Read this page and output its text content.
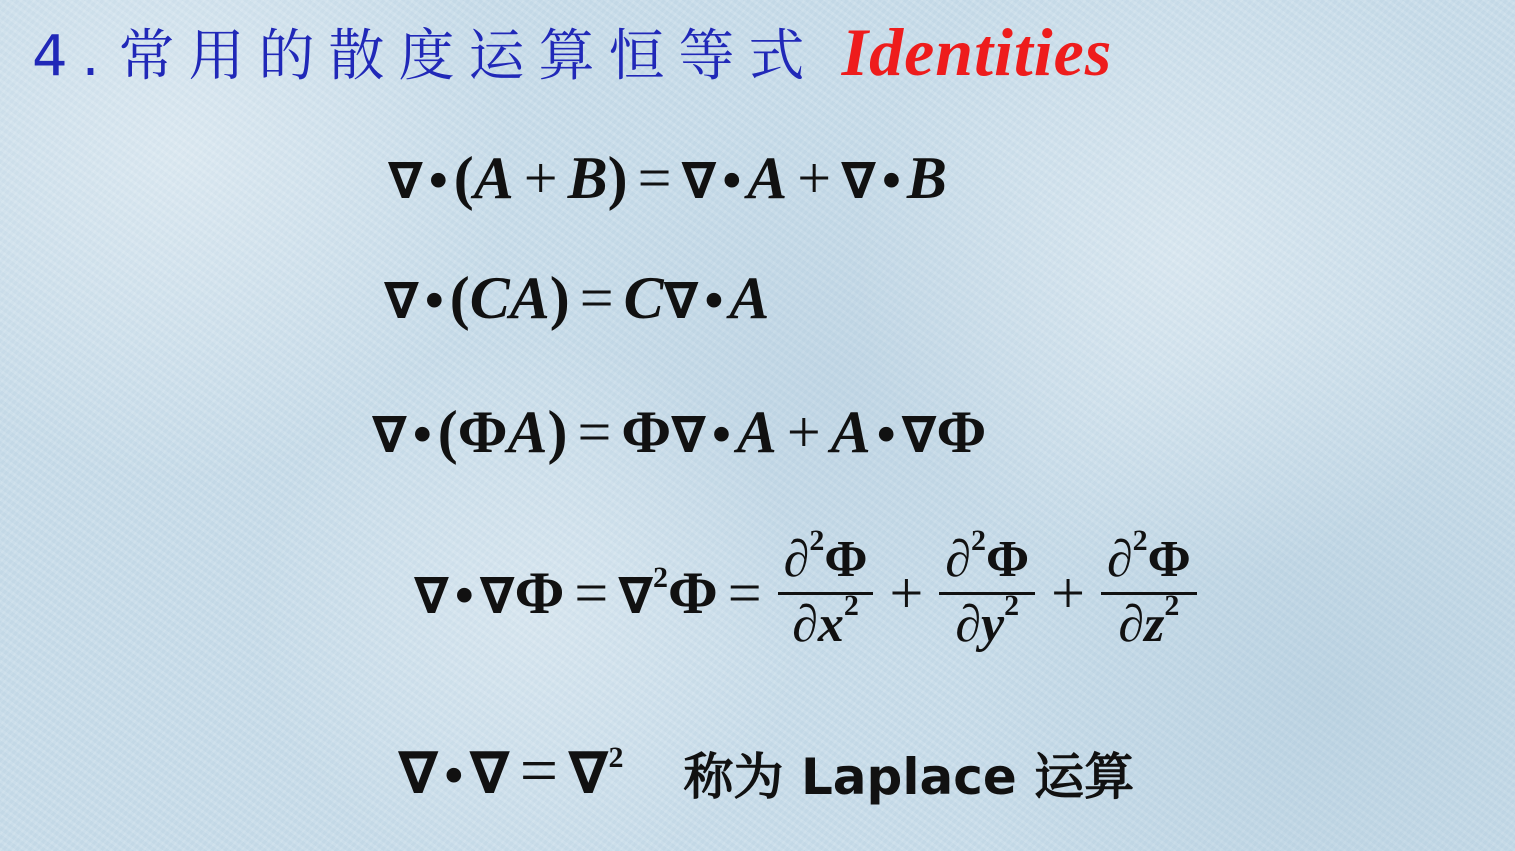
4. 常用的散度运算恒等式 Identities
∇ • (A + B) = ∇ • A + ∇ • B
∇ • (CA) = C∇ • A
∇ • (ΦA) = Φ∇ • A + A • ∇Φ
∇ • $\nabla\Phi = \nabla^2\Phi = \frac{\partial^2\Phi}{\partial x^2} + \frac{\partial^2\Phi}{\partial y^2} + \frac{\partial^2\Phi}{\partial z^2}$
∇ • ∇ = ∇$^2$ 称为 Laplace 运算
